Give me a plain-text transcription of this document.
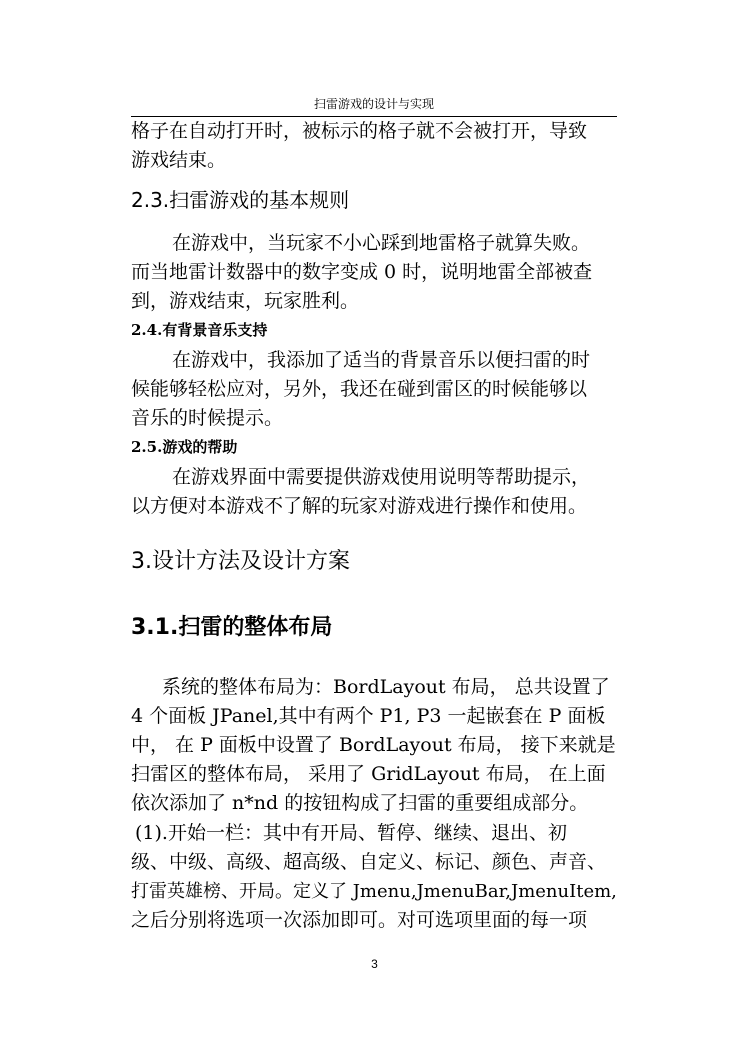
扫雷游戏的设计与实现
格子在自动打开时，被标示的格子就不会被打开，导致
游戏结束。
2.3.扫雷游戏的基本规则
在游戏中，当玩家不小心踩到地雷格子就算失败。
而当地雷计数器中的数字变成 0 时，说明地雷全部被查
到，游戏结束，玩家胜利。
2.4.有背景音乐支持
在游戏中，我添加了适当的背景音乐以便扫雷的时
候能够轻松应对，另外，我还在碰到雷区的时候能够以
音乐的时候提示。
2.5.游戏的帮助
在游戏界面中需要提供游戏使用说明等帮助提示，
以方便对本游戏不了解的玩家对游戏进行操作和使用。
3.设计方法及设计方案
3.1.扫雷的整体布局
系统的整体布局为：BordLayout 布局， 总共设置了
4 个面板 JPanel,其中有两个 P1, P3 一起嵌套在 P 面板
中， 在 P 面板中设置了 BordLayout 布局， 接下来就是
扫雷区的整体布局， 采用了 GridLayout 布局， 在上面
依次添加了 n*nd 的按钮构成了扫雷的重要组成部分。
(1).开始一栏：其中有开局、暂停、继续、退出、初
级、中级、高级、超高级、自定义、标记、颜色、声音、
打雷英雄榜、开局。定义了 Jmenu,JmenuBar,JmenuItem,
之后分别将选项一次添加即可。对可选项里面的每一项
3
